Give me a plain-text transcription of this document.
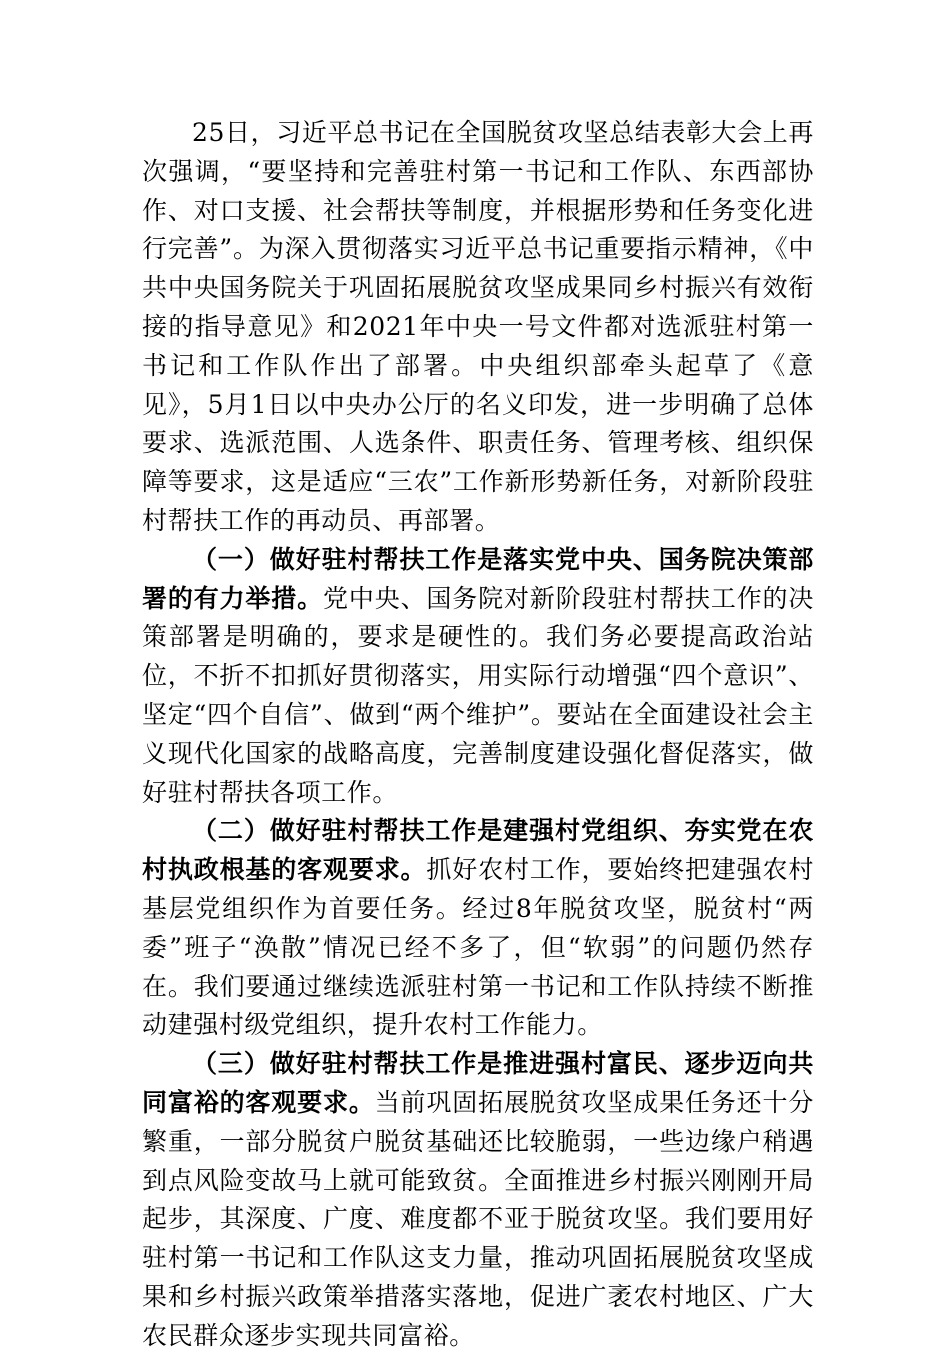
25日，习近平总书记在全国脱贫攻坚总结表彰大会上再次强调，“要坚持和完善驻村第一书记和工作队、东西部协作、对口支援、社会帮扶等制度，并根据形势和任务变化进行完善”。为深入贯彻落实习近平总书记重要指示精神，《中共中央国务院关于巩固拓展脱贫攻坚成果同乡村振兴有效衔接的指导意见》和2021年中央一号文件都对选派驻村第一书记和工作队作出了部署。中央组织部牵头起草了《意见》，5月1日以中央办公厅的名义印发，进一步明确了总体要求、选派范围、人选条件、职责任务、管理考核、组织保障等要求，这是适应“三农”工作新形势新任务，对新阶段驻村帮扶工作的再动员、再部署。

（一）做好驻村帮扶工作是落实党中央、国务院决策部署的有力举措。党中央、国务院对新阶段驻村帮扶工作的决策部署是明确的，要求是硬性的。我们务必要提高政治站位，不折不扣抓好贯彻落实，用实际行动增强“四个意识”、坚定“四个自信”、做到“两个维护”。要站在全面建设社会主义现代化国家的战略高度，完善制度建设强化督促落实，做好驻村帮扶各项工作。

（二）做好驻村帮扶工作是建强村党组织、夯实党在农村执政根基的客观要求。抓好农村工作，要始终把建强农村基层党组织作为首要任务。经过8年脱贫攻坚，脱贫村“两委”班子“涣散”情况已经不多了，但“软弱”的问题仍然存在。我们要通过继续选派驻村第一书记和工作队持续不断推动建强村级党组织，提升农村工作能力。

（三）做好驻村帮扶工作是推进强村富民、逐步迈向共同富裕的客观要求。当前巩固拓展脱贫攻坚成果任务还十分繁重，一部分脱贫户脱贫基础还比较脆弱，一些边缘户稍遇到点风险变故马上就可能致贫。全面推进乡村振兴刚刚开局起步，其深度、广度、难度都不亚于脱贫攻坚。我们要用好驻村第一书记和工作队这支力量，推动巩固拓展脱贫攻坚成果和乡村振兴政策举措落实落地，促进广袤农村地区、广大农民群众逐步实现共同富裕。
